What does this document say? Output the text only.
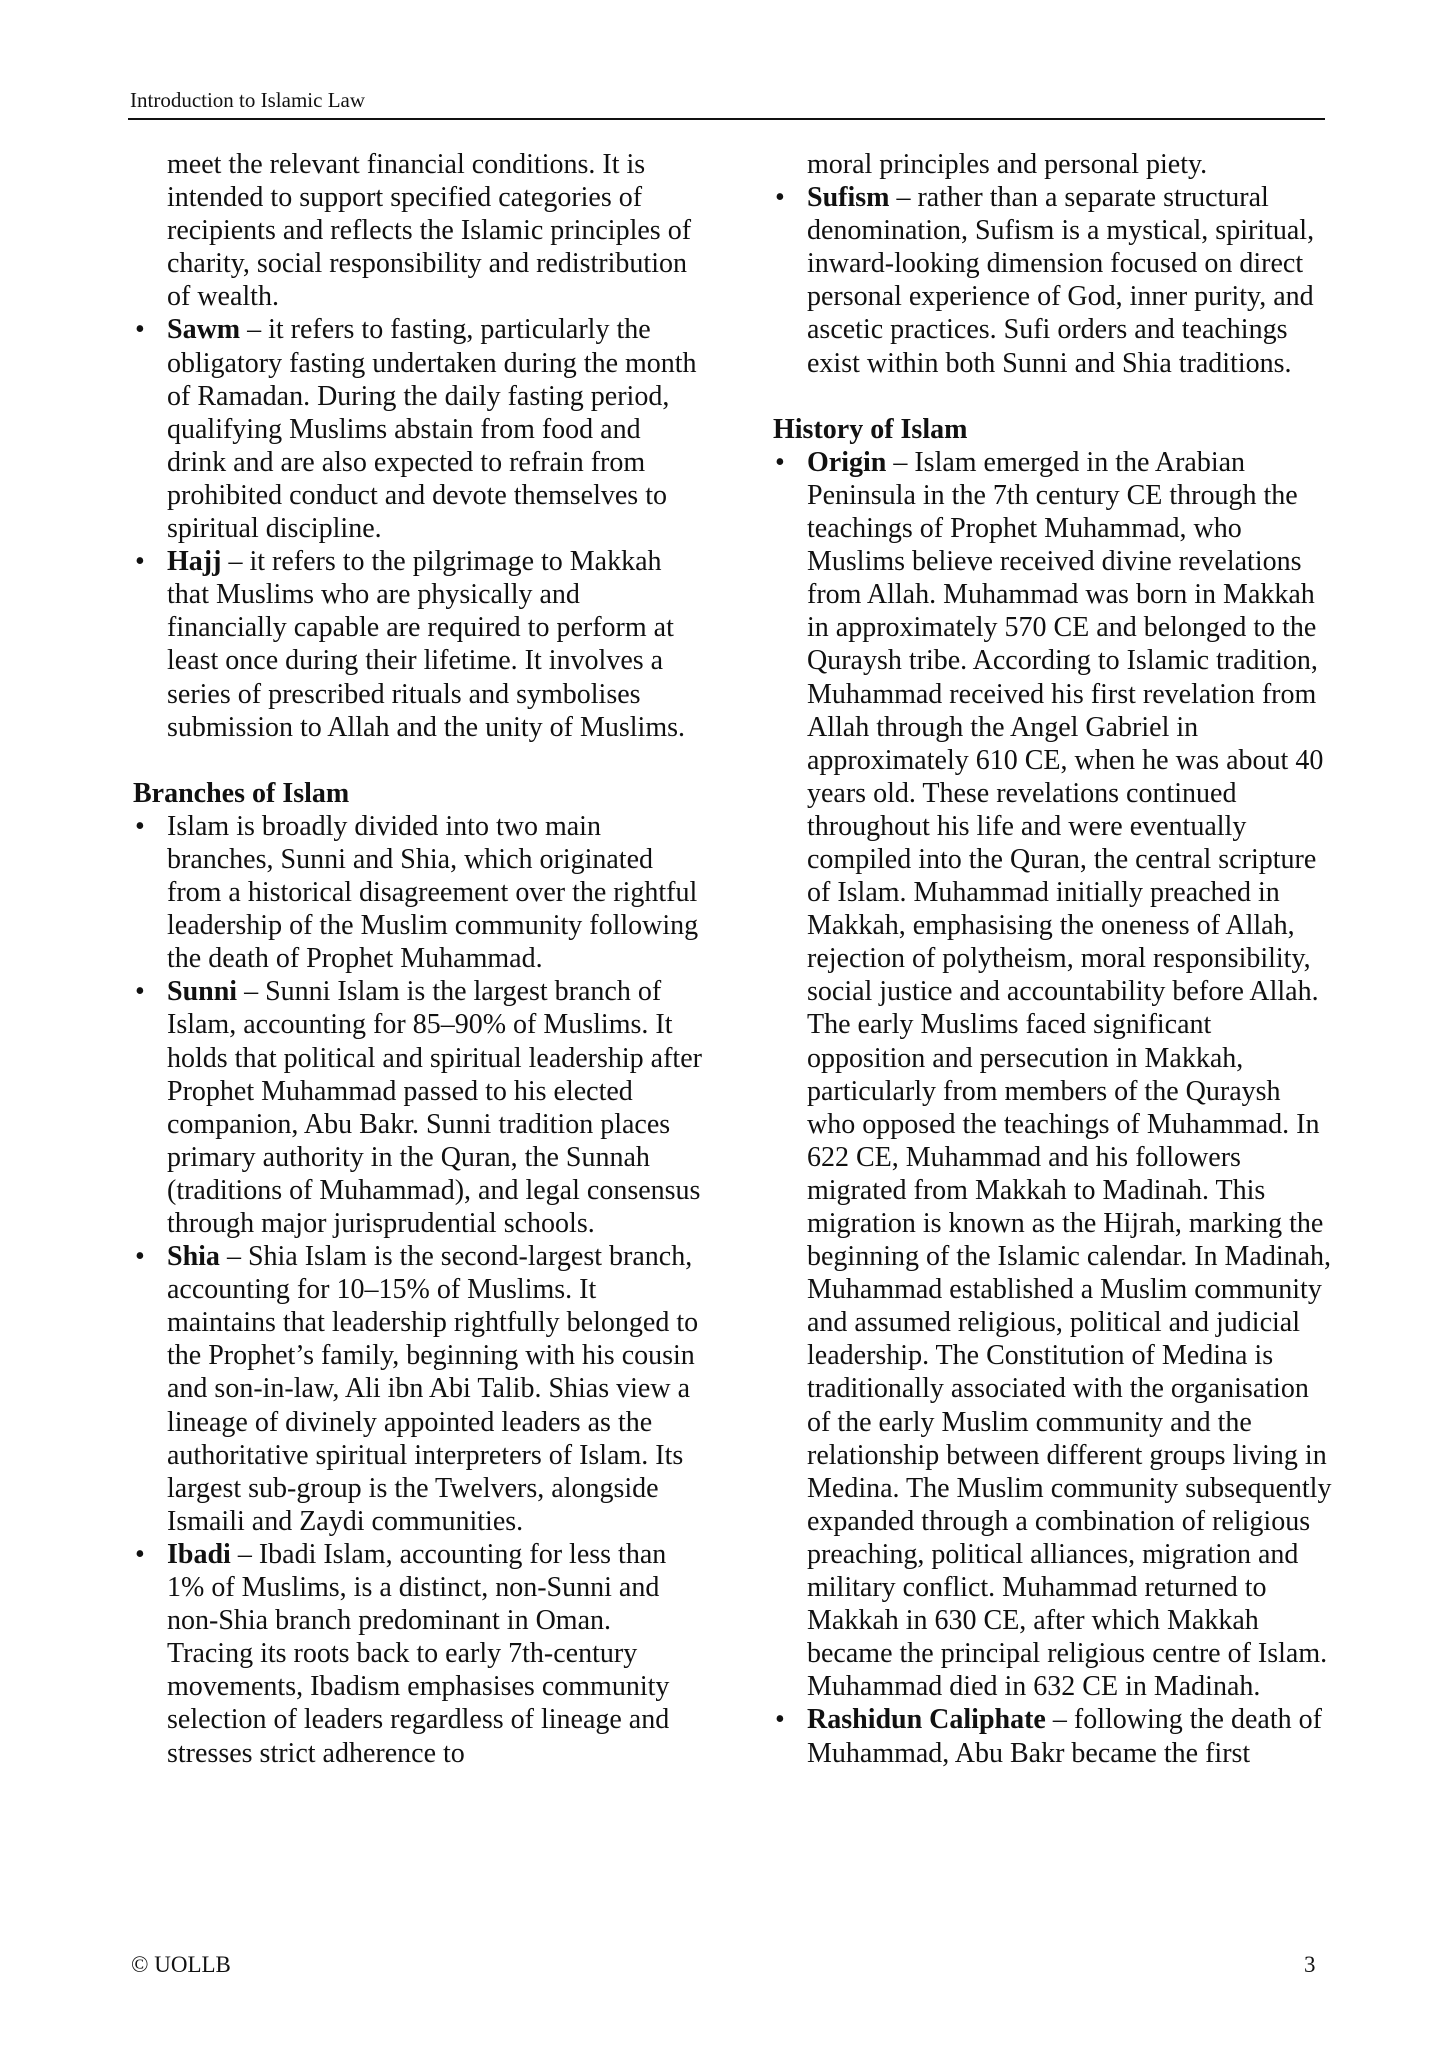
Introduction to Islamic Law

meet the relevant financial conditions. It is intended to support specified categories of recipients and reflects the Islamic principles of charity, social responsibility and redistribution of wealth.

• Sawm – it refers to fasting, particularly the obligatory fasting undertaken during the month of Ramadan. During the daily fasting period, qualifying Muslims abstain from food and drink and are also expected to refrain from prohibited conduct and devote themselves to spiritual discipline.
• Hajj – it refers to the pilgrimage to Makkah that Muslims who are physically and financially capable are required to perform at least once during their lifetime. It involves a series of prescribed rituals and symbolises submission to Allah and the unity of Muslims.
Branches of Islam
• Islam is broadly divided into two main branches, Sunni and Shia, which originated from a historical disagreement over the rightful leadership of the Muslim community following the death of Prophet Muhammad.
• Sunni – Sunni Islam is the largest branch of Islam, accounting for 85–90% of Muslims. It holds that political and spiritual leadership after Prophet Muhammad passed to his elected companion, Abu Bakr. Sunni tradition places primary authority in the Quran, the Sunnah (traditions of Muhammad), and legal consensus through major jurisprudential schools.
• Shia – Shia Islam is the second-largest branch, accounting for 10–15% of Muslims. It maintains that leadership rightfully belonged to the Prophet’s family, beginning with his cousin and son-in-law, Ali ibn Abi Talib. Shias view a lineage of divinely appointed leaders as the authoritative spiritual interpreters of Islam. Its largest sub-group is the Twelvers, alongside Ismaili and Zaydi communities.
• Ibadi – Ibadi Islam, accounting for less than 1% of Muslims, is a distinct, non-Sunni and non-Shia branch predominant in Oman. Tracing its roots back to early 7th-century movements, Ibadism emphasises community selection of leaders regardless of lineage and stresses strict adherence to

moral principles and personal piety.

• Sufism – rather than a separate structural denomination, Sufism is a mystical, spiritual, inward-looking dimension focused on direct personal experience of God, inner purity, and ascetic practices. Sufi orders and teachings exist within both Sunni and Shia traditions.
History of Islam
• Origin – Islam emerged in the Arabian Peninsula in the 7th century CE through the teachings of Prophet Muhammad, who Muslims believe received divine revelations from Allah. Muhammad was born in Makkah in approximately 570 CE and belonged to the Quraysh tribe. According to Islamic tradition, Muhammad received his first revelation from Allah through the Angel Gabriel in approximately 610 CE, when he was about 40 years old. These revelations continued throughout his life and were eventually compiled into the Quran, the central scripture of Islam. Muhammad initially preached in Makkah, emphasising the oneness of Allah, rejection of polytheism, moral responsibility, social justice and accountability before Allah. The early Muslims faced significant opposition and persecution in Makkah, particularly from members of the Quraysh who opposed the teachings of Muhammad. In 622 CE, Muhammad and his followers migrated from Makkah to Madinah. This migration is known as the Hijrah, marking the beginning of the Islamic calendar. In Madinah, Muhammad established a Muslim community and assumed religious, political and judicial leadership. The Constitution of Medina is traditionally associated with the organisation of the early Muslim community and the relationship between different groups living in Medina. The Muslim community subsequently expanded through a combination of religious preaching, political alliances, migration and military conflict. Muhammad returned to Makkah in 630 CE, after which Makkah became the principal religious centre of Islam. Muhammad died in 632 CE in Madinah.
• Rashidun Caliphate – following the death of Muhammad, Abu Bakr became the first
© UOLLB	3
